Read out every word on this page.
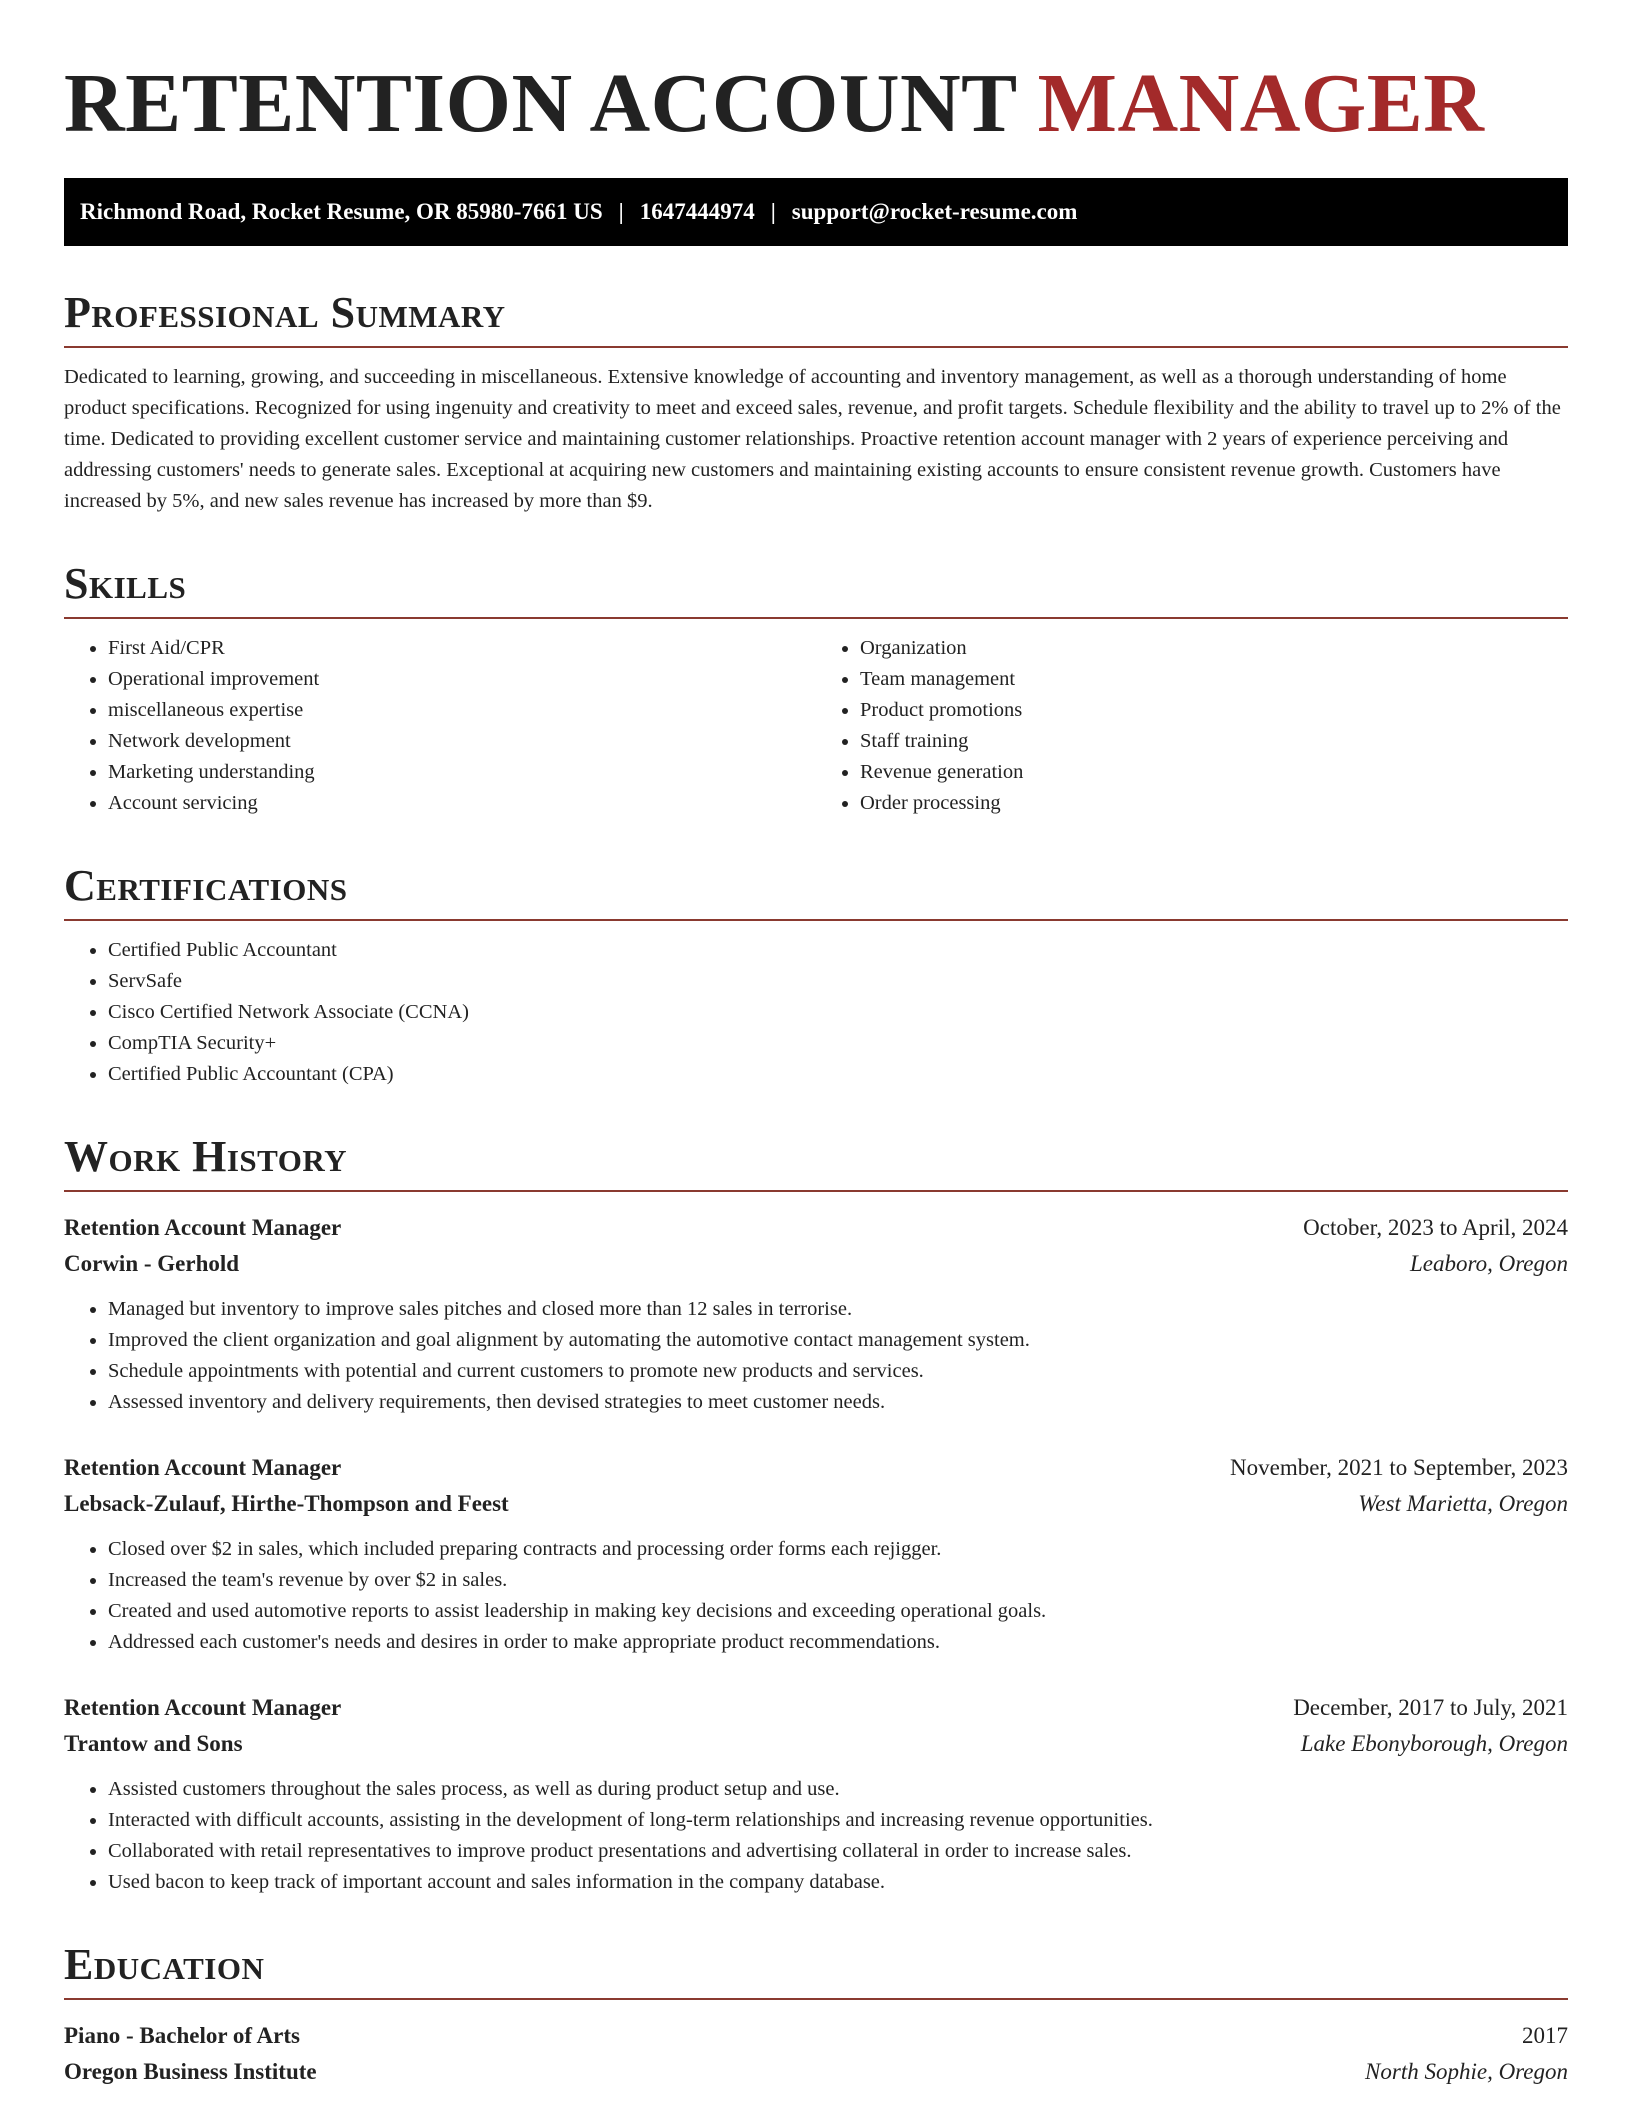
RETENTION ACCOUNT MANAGER
Richmond Road, Rocket Resume, OR 85980-7661 US | 1647444974 | support@rocket-resume.com
Professional Summary

Dedicated to learning, growing, and succeeding in miscellaneous. Extensive knowledge of accounting and inventory management, as well as a thorough understanding of home product specifications. Recognized for using ingenuity and creativity to meet and exceed sales, revenue, and profit targets. Schedule flexibility and the ability to travel up to 2% of the time. Dedicated to providing excellent customer service and maintaining customer relationships. Proactive retention account manager with 2 years of experience perceiving and addressing customers' needs to generate sales. Exceptional at acquiring new customers and maintaining existing accounts to ensure consistent revenue growth. Customers have increased by 5%, and new sales revenue has increased by more than $9.

Skills
• First Aid/CPR
• Operational improvement
• miscellaneous expertise
• Network development
• Marketing understanding
• Account servicing
• Organization
• Team management
• Product promotions
• Staff training
• Revenue generation
• Order processing
Certifications
• Certified Public Accountant
• ServSafe
• Cisco Certified Network Associate (CCNA)
• CompTIA Security+
• Certified Public Accountant (CPA)
Work History
Retention Account Manager	October, 2023 to April, 2024
Corwin - Gerhold	Leaboro, Oregon
• Managed but inventory to improve sales pitches and closed more than 12 sales in terrorise.
• Improved the client organization and goal alignment by automating the automotive contact management system.
• Schedule appointments with potential and current customers to promote new products and services.
• Assessed inventory and delivery requirements, then devised strategies to meet customer needs.
Retention Account Manager	November, 2021 to September, 2023
Lebsack-Zulauf, Hirthe-Thompson and Feest	West Marietta, Oregon
• Closed over $2 in sales, which included preparing contracts and processing order forms each rejigger.
• Increased the team's revenue by over $2 in sales.
• Created and used automotive reports to assist leadership in making key decisions and exceeding operational goals.
• Addressed each customer's needs and desires in order to make appropriate product recommendations.
Retention Account Manager	December, 2017 to July, 2021
Trantow and Sons	Lake Ebonyborough, Oregon
• Assisted customers throughout the sales process, as well as during product setup and use.
• Interacted with difficult accounts, assisting in the development of long-term relationships and increasing revenue opportunities.
• Collaborated with retail representatives to improve product presentations and advertising collateral in order to increase sales.
• Used bacon to keep track of important account and sales information in the company database.
Education
Piano - Bachelor of Arts	2017
Oregon Business Institute	North Sophie, Oregon
